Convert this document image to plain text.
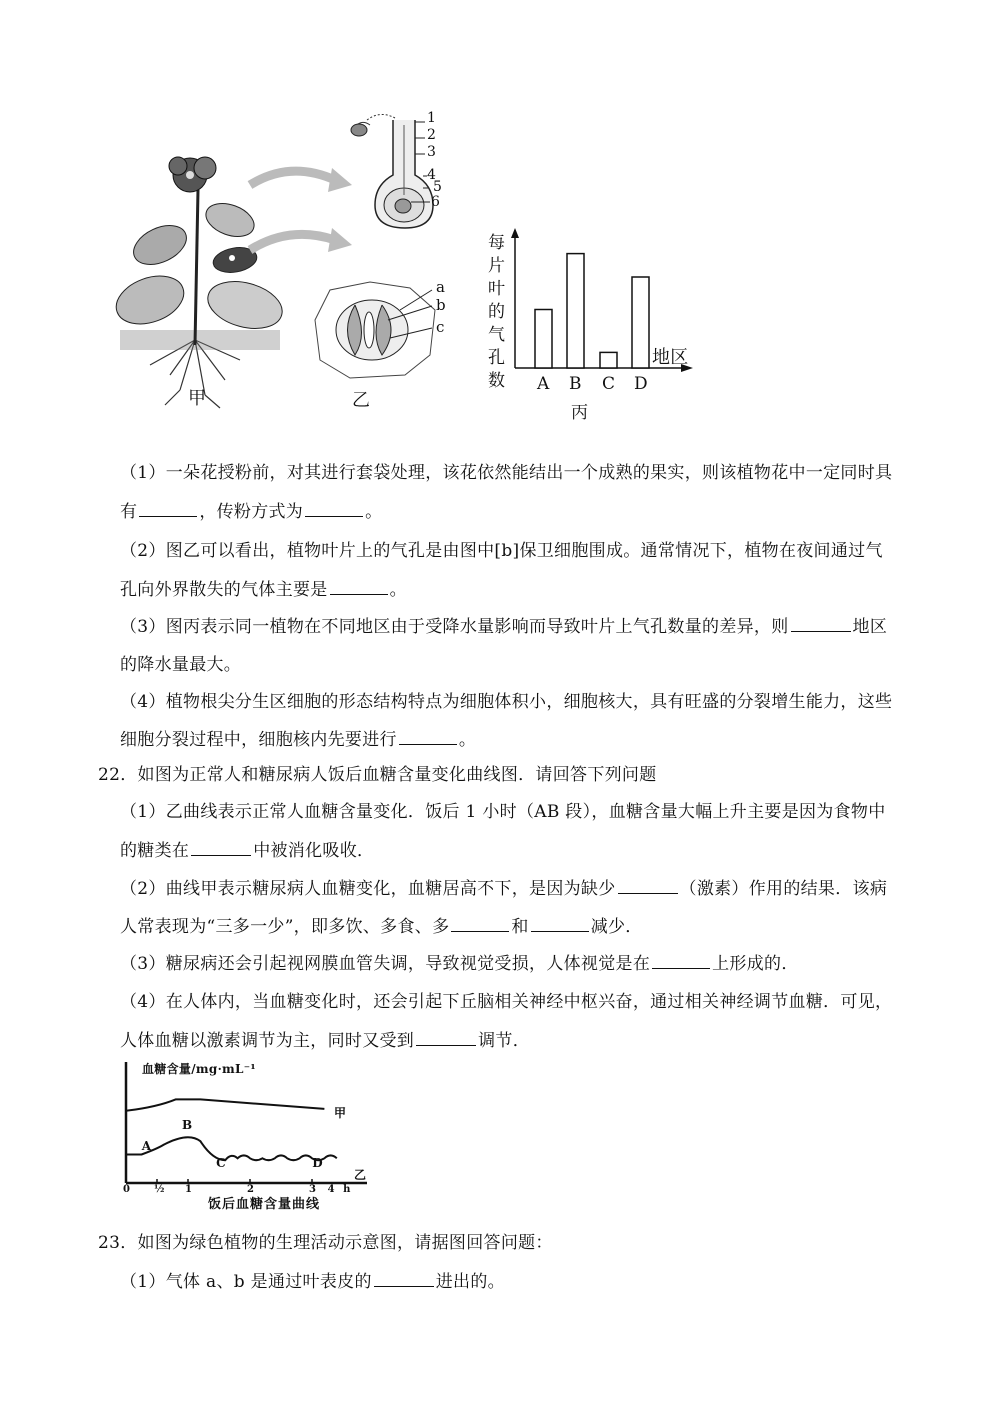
甲
1
2
3
4
5
6
a
b
c
乙
每
片
叶
的
气
孔
数
地区
A B C D
丙
（1）一朵花授粉前，对其进行套袋处理，该花依然能结出一个成熟的果实，则该植物花中一定同时具
有	，传粉方式为	。
（2）图乙可以看出，植物叶片上的气孔是由图中[b]保卫细胞围成。通常情况下，植物在夜间通过气
孔向外界散失的气体主要是	。
（3）图丙表示同一植物在不同地区由于受降水量影响而导致叶片上气孔数量的差异，则	地区
的降水量最大。
（4）植物根尖分生区细胞的形态结构特点为细胞体积小，细胞核大，具有旺盛的分裂增生能力，这些
细胞分裂过程中，细胞核内先要进行	。
22．如图为正常人和糖尿病人饭后血糖含量变化曲线图．请回答下列问题
（1）乙曲线表示正常人血糖含量变化．饭后 1 小时（AB 段），血糖含量大幅上升主要是因为食物中
的糖类在	中被消化吸收．
（2）曲线甲表示糖尿病人血糖变化，血糖居高不下，是因为缺少	（激素）作用的结果．该病
人常表现为“三多一少”，即多饮、多食、多	和	减少．
（3）糖尿病还会引起视网膜血管失调，导致视觉受损，人体视觉是在	上形成的．
（4）在人体内，当血糖变化时，还会引起下丘脑相关神经中枢兴奋，通过相关神经调节血糖．可见，
人体血糖以激素调节为主，同时又受到	调节．
血糖含量/mg·mL⁻¹
饭后血糖含量曲线
甲
乙
A
B
C	D
0 ½ 1	2	3 4 h
23．如图为绿色植物的生理活动示意图，请据图回答问题：
（1）气体 a、b 是通过叶表皮的	进出的。
